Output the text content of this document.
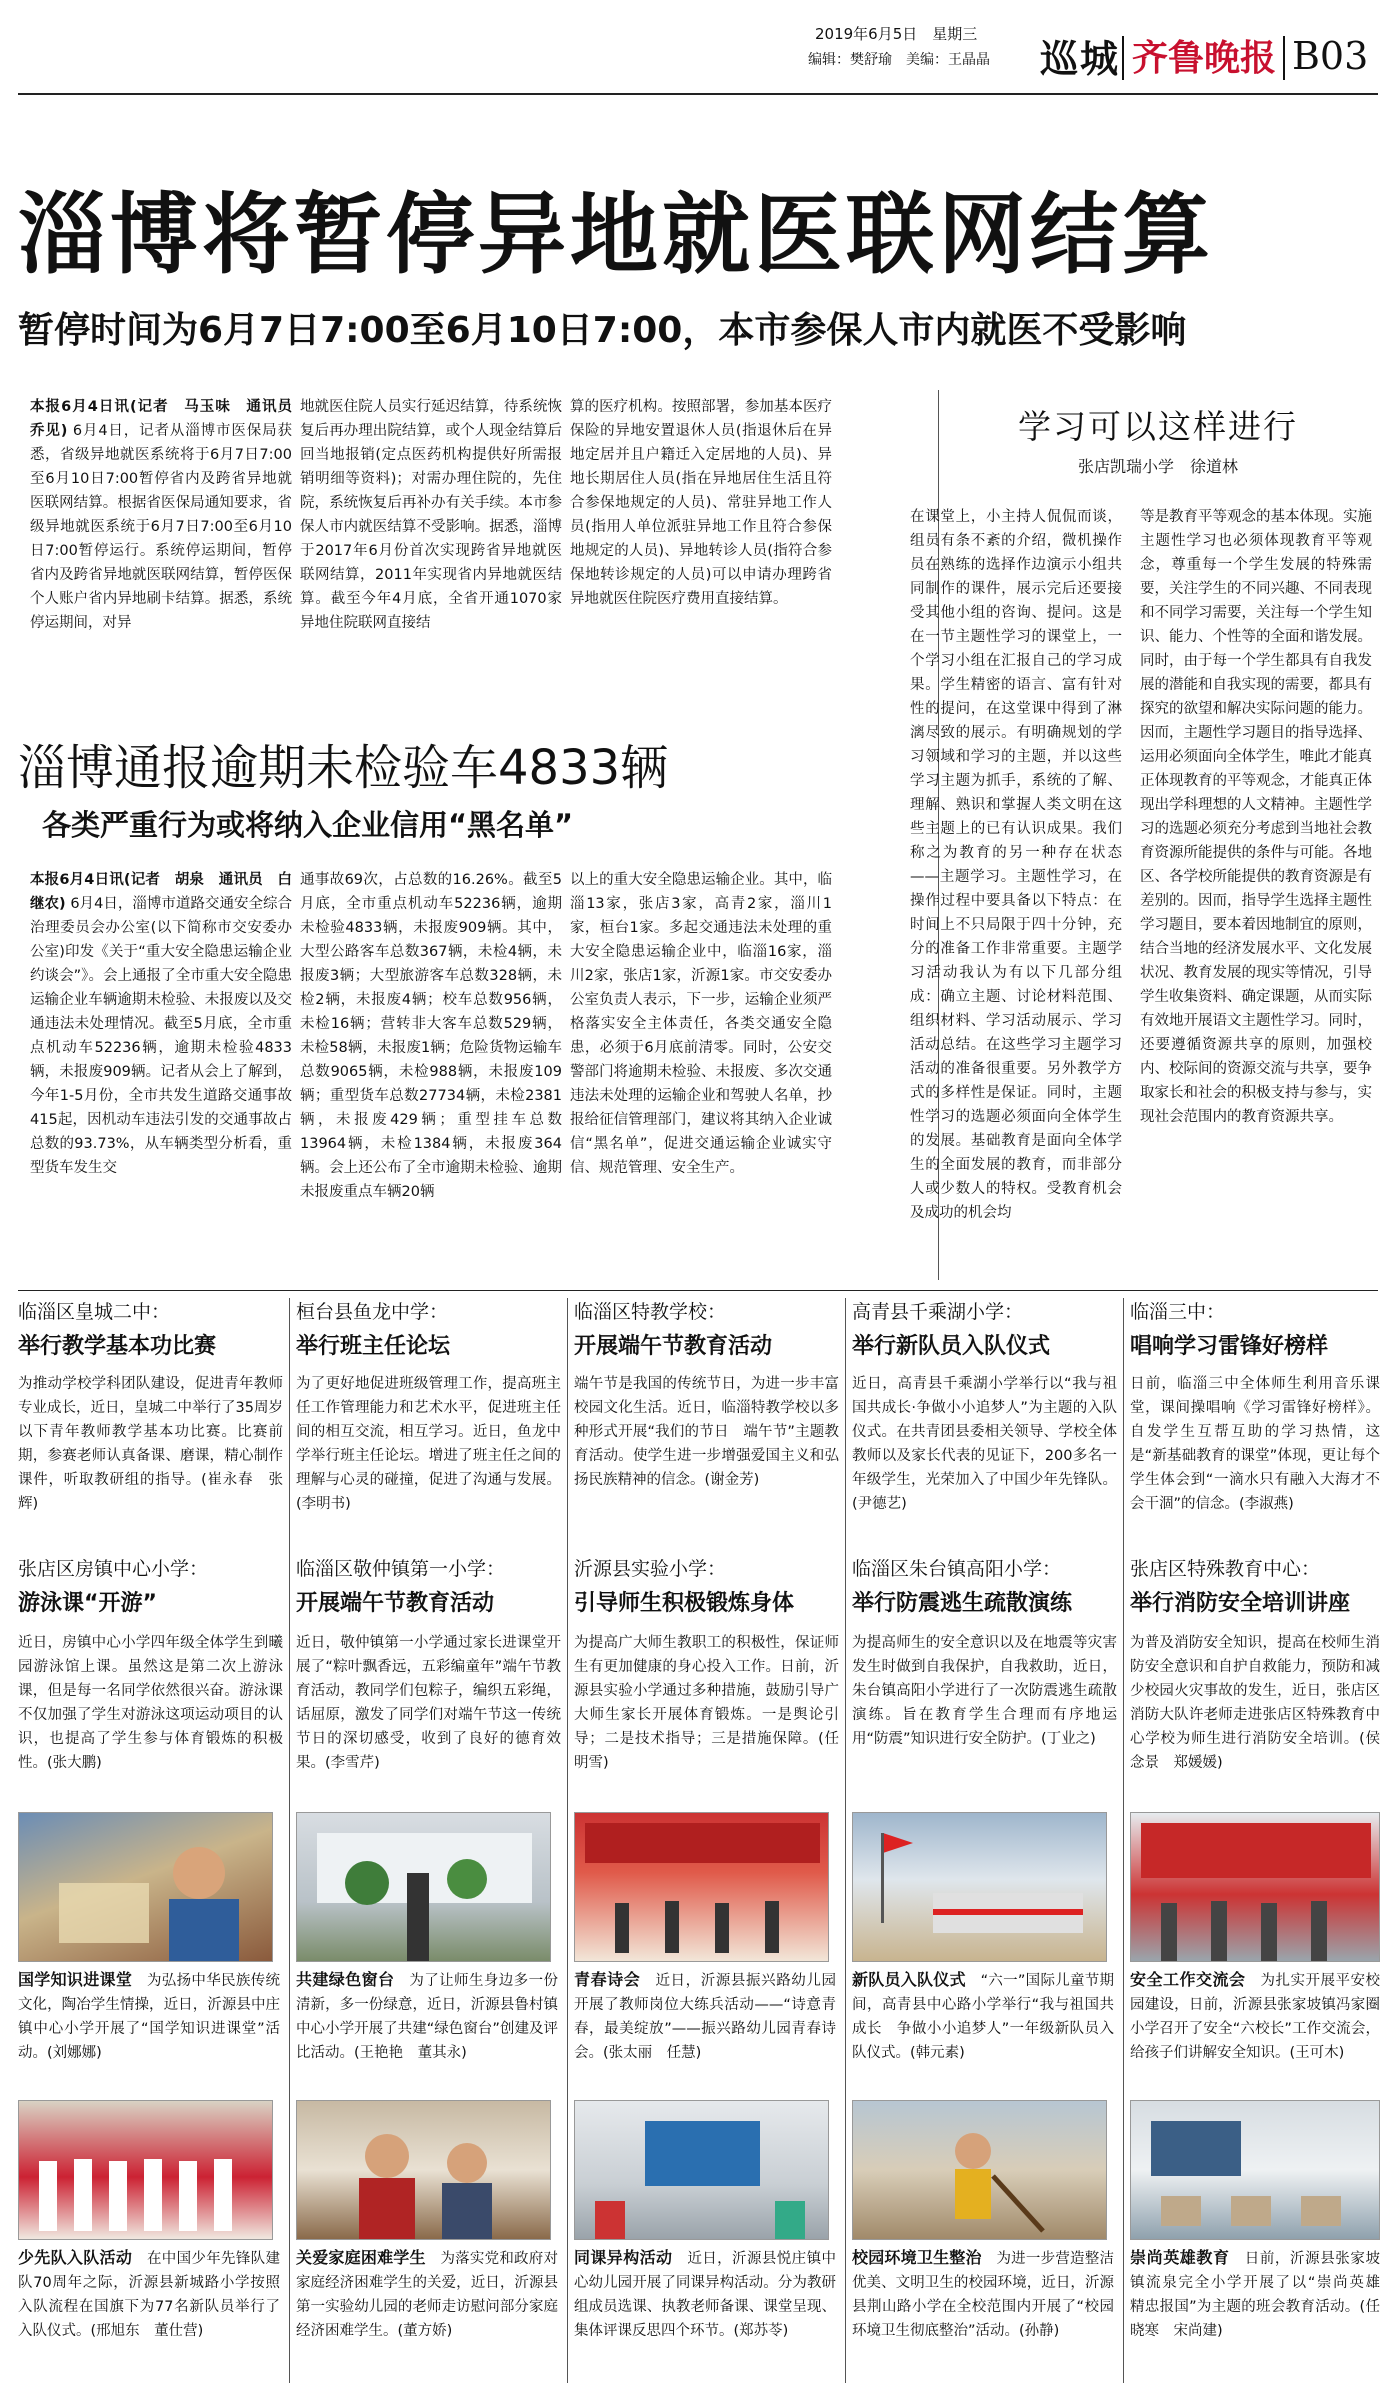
2019年6月5日　星期三
编辑：樊舒瑜　美编：王晶晶	巡城 齐鲁晚报 B03
淄博将暂停异地就医联网结算
暂停时间为6月7日7:00至6月10日7:00，本市参保人市内就医不受影响
本报6月4日讯(记者　马玉味　通讯员　乔见) 6月4日，记者从淄博市医保局获悉，省级异地就医系统将于6月7日7:00至6月10日7:00暂停省内及跨省异地就医联网结算。根据省医保局通知要求，省级异地就医系统于6月7日7:00至6月10日7:00暂停运行。系统停运期间，暂停省内及跨省异地就医联网结算，暂停医保个人账户省内异地刷卡结算。据悉，系统停运期间，对异
地就医住院人员实行延迟结算，待系统恢复后再办理出院结算，或个人现金结算后回当地报销(定点医药机构提供好所需报销明细等资料)；对需办理住院的，先住院，系统恢复后再补办有关手续。本市参保人市内就医结算不受影响。据悉，淄博于2017年6月份首次实现跨省异地就医联网结算，2011年实现省内异地就医结算。截至今年4月底，全省开通1070家异地住院联网直接结
算的医疗机构。按照部署，参加基本医疗保险的异地安置退休人员(指退休后在异地定居并且户籍迁入定居地的人员)、异地长期居住人员(指在异地居住生活且符合参保地规定的人员)、常驻异地工作人员(指用人单位派驻异地工作且符合参保地规定的人员)、异地转诊人员(指符合参保地转诊规定的人员)可以申请办理跨省异地就医住院医疗费用直接结算。
淄博通报逾期未检验车4833辆
各类严重行为或将纳入企业信用“黑名单”
本报6月4日讯(记者　胡泉　通讯员　白继农) 6月4日，淄博市道路交通安全综合治理委员会办公室(以下简称市交安委办公室)印发《关于“重大安全隐患运输企业约谈会”》。会上通报了全市重大安全隐患运输企业车辆逾期未检验、未报废以及交通违法未处理情况。截至5月底，全市重点机动车52236辆，逾期未检验4833辆，未报废909辆。记者从会上了解到，今年1-5月份，全市共发生道路交通事故415起，因机动车违法引发的交通事故占总数的93.73%，从车辆类型分析看，重型货车发生交
通事故69次，占总数的16.26%。截至5月底，全市重点机动车52236辆，逾期未检验4833辆，未报废909辆。其中，大型公路客车总数367辆，未检4辆，未报废3辆；大型旅游客车总数328辆，未检2辆，未报废4辆；校车总数956辆，未检16辆；营转非大客车总数529辆，未检58辆，未报废1辆；危险货物运输车总数9065辆，未检988辆，未报废109辆；重型货车总数27734辆，未检2381辆，未报废429辆；重型挂车总数13964辆，未检1384辆，未报废364辆。会上还公布了全市逾期未检验、逾期未报废重点车辆20辆
以上的重大安全隐患运输企业。其中，临淄13家，张店3家，高青2家，淄川1家，桓台1家。多起交通违法未处理的重大安全隐患运输企业中，临淄16家，淄川2家，张店1家，沂源1家。市交安委办公室负责人表示，下一步，运输企业须严格落实安全主体责任，各类交通安全隐患，必须于6月底前清零。同时，公安交警部门将逾期未检验、未报废、多次交通违法未处理的运输企业和驾驶人名单，抄报给征信管理部门，建议将其纳入企业诚信“黑名单”，促进交通运输企业诚实守信、规范管理、安全生产。
学习可以这样进行
张店凯瑞小学　徐道林
在课堂上，小主持人侃侃而谈，组员有条不紊的介绍，微机操作员在熟练的选择作边演示小组共同制作的课件，展示完后还要接受其他小组的咨询、提问。这是在一节主题性学习的课堂上，一个学习小组在汇报自己的学习成果。学生精密的语言、富有针对性的提问，在这堂课中得到了淋漓尽致的展示。有明确规划的学习领域和学习的主题，并以这些学习主题为抓手，系统的了解、理解、熟识和掌握人类文明在这些主题上的已有认识成果。我们称之为教育的另一种存在状态——主题学习。主题性学习，在操作过程中要具备以下特点：在时间上不只局限于四十分钟，充分的准备工作非常重要。主题学习活动我认为有以下几部分组成：确立主题、讨论材料范围、组织材料、学习活动展示、学习活动总结。在这些学习主题学习活动的准备很重要。另外教学方式的多样性是保证。同时，主题性学习的选题必须面向全体学生的发展。基础教育是面向全体学生的全面发展的教育，而非部分人或少数人的特权。受教育机会及成功的机会均
等是教育平等观念的基本体现。实施主题性学习也必须体现教育平等观念，尊重每一个学生发展的特殊需要，关注学生的不同兴趣、不同表现和不同学习需要，关注每一个学生知识、能力、个性等的全面和谐发展。同时，由于每一个学生都具有自我发展的潜能和自我实现的需要，都具有探究的欲望和解决实际问题的能力。因而，主题性学习题目的指导选择、运用必须面向全体学生，唯此才能真正体现教育的平等观念，才能真正体现出学科理想的人文精神。主题性学习的选题必须充分考虑到当地社会教育资源所能提供的条件与可能。各地区、各学校所能提供的教育资源是有差别的。因而，指导学生选择主题性学习题目，要本着因地制宜的原则，结合当地的经济发展水平、文化发展状况、教育发展的现实等情况，引导学生收集资料、确定课题，从而实际有效地开展语文主题性学习。同时，还要遵循资源共享的原则，加强校内、校际间的资源交流与共享，要争取家长和社会的积极支持与参与，实现社会范围内的教育资源共享。
临淄区皇城二中：
举行教学基本功比赛
为推动学校学科团队建设，促进青年教师专业成长，近日，皇城二中举行了35周岁以下青年教师教学基本功比赛。比赛前期，参赛老师认真备课、磨课，精心制作课件，听取教研组的指导。(崔永春　张辉)
桓台县鱼龙中学：
举行班主任论坛
为了更好地促进班级管理工作，提高班主任工作管理能力和艺术水平，促进班主任间的相互交流，相互学习。近日，鱼龙中学举行班主任论坛。增进了班主任之间的理解与心灵的碰撞，促进了沟通与发展。(李明书)
临淄区特教学校：
开展端午节教育活动
端午节是我国的传统节日，为进一步丰富校园文化生活。近日，临淄特教学校以多种形式开展“我们的节日　端午节”主题教育活动。使学生进一步增强爱国主义和弘扬民族精神的信念。(谢金芳)
高青县千乘湖小学：
举行新队员入队仪式
近日，高青县千乘湖小学举行以“我与祖国共成长·争做小小追梦人”为主题的入队仪式。在共青团县委相关领导、学校全体教师以及家长代表的见证下，200多名一年级学生，光荣加入了中国少年先锋队。(尹德艺)
临淄三中：
唱响学习雷锋好榜样
日前，临淄三中全体师生利用音乐课堂，课间操唱响《学习雷锋好榜样》。自发学生互帮互助的学习热情，这是“新基础教育的课堂”体现，更让每个学生体会到“一滴水只有融入大海才不会干涸”的信念。(李淑燕)
张店区房镇中心小学：
游泳课“开游”
近日，房镇中心小学四年级全体学生到曦园游泳馆上课。虽然这是第二次上游泳课，但是每一名同学依然很兴奋。游泳课不仅加强了学生对游泳这项运动项目的认识，也提高了学生参与体育锻炼的积极性。(张大鹏)
临淄区敬仲镇第一小学：
开展端午节教育活动
近日，敬仲镇第一小学通过家长进课堂开展了“粽叶飘香远，五彩编童年”端午节教育活动，教同学们包粽子，编织五彩绳，话屈原，激发了同学们对端午节这一传统节日的深切感受，收到了良好的德育效果。(李雪芹)
沂源县实验小学：
引导师生积极锻炼身体
为提高广大师生教职工的积极性，保证师生有更加健康的身心投入工作。日前，沂源县实验小学通过多种措施，鼓励引导广大师生家长开展体育锻炼。一是舆论引导；二是技术指导；三是措施保障。(任明雪)
临淄区朱台镇高阳小学：
举行防震逃生疏散演练
为提高师生的安全意识以及在地震等灾害发生时做到自我保护，自我救助，近日，朱台镇高阳小学进行了一次防震逃生疏散演练。旨在教育学生合理而有序地运用“防震”知识进行安全防护。(丁业之)
张店区特殊教育中心：
举行消防安全培训讲座
为普及消防安全知识，提高在校师生消防安全意识和自护自救能力，预防和减少校园火灾事故的发生，近日，张店区消防大队许老师走进张店区特殊教育中心学校为师生进行消防安全培训。(侯念景　郑媛媛)
国学知识进课堂　 为弘扬中华民族传统文化，陶冶学生情操，近日，沂源县中庄镇中心小学开展了“国学知识进课堂”活动。(刘娜娜)
共建绿色窗台　 为了让师生身边多一份清新，多一份绿意，近日，沂源县鲁村镇中心小学开展了共建“绿色窗台”创建及评比活动。(王艳艳　董其永)
青春诗会　 近日，沂源县振兴路幼儿园开展了教师岗位大练兵活动——“诗意青春，最美绽放”——振兴路幼儿园青春诗会。(张太丽　任慧)
新队员入队仪式　 “六一”国际儿童节期间，高青县中心路小学举行“我与祖国共成长　争做小小追梦人”一年级新队员入队仪式。(韩元素)
安全工作交流会　 为扎实开展平安校园建设，日前，沂源县张家坡镇冯家圈小学召开了安全“六校长”工作交流会，给孩子们讲解安全知识。(王可木)
少先队入队活动　 在中国少年先锋队建队70周年之际，沂源县新城路小学按照入队流程在国旗下为77名新队员举行了入队仪式。(邢旭东　董仕营)
关爱家庭困难学生　 为落实党和政府对家庭经济困难学生的关爱，近日，沂源县第一实验幼儿园的老师走访慰问部分家庭经济困难学生。(董方娇)
同课异构活动　 近日，沂源县悦庄镇中心幼儿园开展了同课异构活动。分为教研组成员选课、执教老师备课、课堂呈现、集体评课反思四个环节。(郑苏苓)
校园环境卫生整治　 为进一步营造整洁优美、文明卫生的校园环境，近日，沂源县荆山路小学在全校范围内开展了“校园环境卫生彻底整治”活动。(孙静)
崇尚英雄教育　 日前，沂源县张家坡镇流泉完全小学开展了以“崇尚英雄　精忠报国”为主题的班会教育活动。(任晓寒　宋尚建)
